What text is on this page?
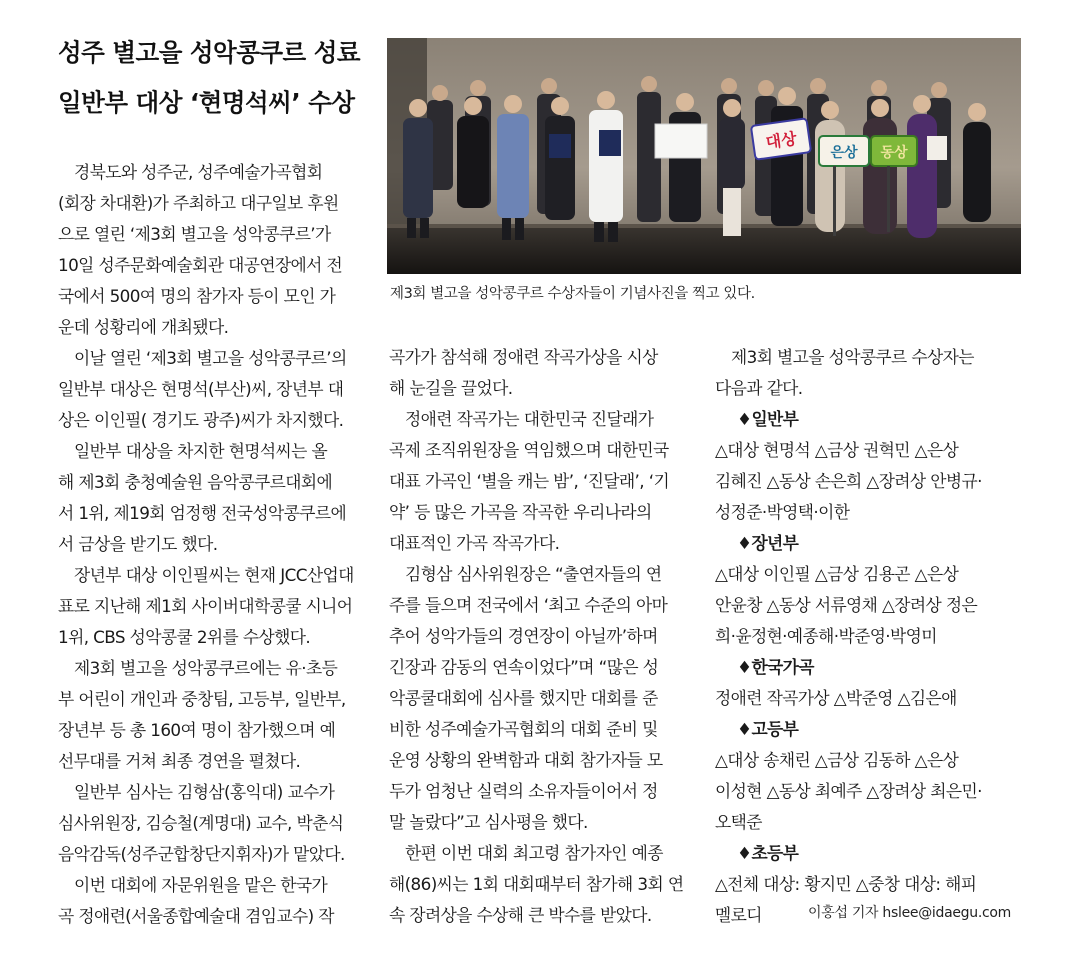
성주 별고을 성악콩쿠르 성료
일반부 대상 ‘현명석씨’ 수상
대상
은상 동상
제3회 별고을 성악콩쿠르 수상자들이 기념사진을 찍고 있다.
경북도와 성주군, 성주예술가곡협회
(회장 차대환)가 주최하고 대구일보 후원
으로 열린 ‘제3회 별고을 성악콩쿠르’가
10일 성주문화예술회관 대공연장에서 전
국에서 500여 명의 참가자 등이 모인 가
운데 성황리에 개최됐다.
이날 열린 ‘제3회 별고을 성악콩쿠르’의
일반부 대상은 현명석(부산)씨, 장년부 대
상은 이인필( 경기도 광주)씨가 차지했다.
일반부 대상을 차지한 현명석씨는 올
해 제3회 충청예술원 음악콩쿠르대회에
서 1위, 제19회 엄정행 전국성악콩쿠르에
서 금상을 받기도 했다.
장년부 대상 이인필씨는 현재 JCC산업대
표로 지난해 제1회 사이버대학콩쿨 시니어
1위, CBS 성악콩쿨 2위를 수상했다.
제3회 별고을 성악콩쿠르에는 유·초등
부 어린이 개인과 중창팀, 고등부, 일반부,
장년부 등 총 160여 명이 참가했으며 예
선무대를 거쳐 최종 경연을 펼쳤다.
일반부 심사는 김형삼(홍익대) 교수가
심사위원장, 김승철(계명대) 교수, 박춘식
음악감독(성주군합창단지휘자)가 맡았다.
이번 대회에 자문위원을 맡은 한국가
곡 정애련(서울종합예술대 겸임교수) 작
곡가가 참석해 정애련 작곡가상을 시상
해 눈길을 끌었다.
정애련 작곡가는 대한민국 진달래가
곡제 조직위원장을 역임했으며 대한민국
대표 가곡인 ‘별을 캐는 밤’, ‘진달래’, ‘기
약’ 등 많은 가곡을 작곡한 우리나라의
대표적인 가곡 작곡가다.
김형삼 심사위원장은 “출연자들의 연
주를 들으며 전국에서 ‘최고 수준의 아마
추어 성악가들의 경연장이 아닐까’하며
긴장과 감동의 연속이었다”며 “많은 성
악콩쿨대회에 심사를 했지만 대회를 준
비한 성주예술가곡협회의 대회 준비 및
운영 상황의 완벽함과 대회 참가자들 모
두가 엄청난 실력의 소유자들이어서 정
말 놀랐다”고 심사평을 했다.
한편 이번 대회 최고령 참가자인 예종
해(86)씨는 1회 대회때부터 참가해 3회 연
속 장려상을 수상해 큰 박수를 받았다.
제3회 별고을 성악콩쿠르 수상자는
다음과 같다.
♦일반부
△대상 현명석 △금상 권혁민 △은상
김혜진 △동상 손은희 △장려상 안병규·
성정준·박영택·이한
♦장년부
△대상 이인필 △금상 김용곤 △은상
안윤창 △동상 서류영채 △장려상 정은
희·윤정현·예종해·박준영·박영미
♦한국가곡
정애련 작곡가상 △박준영 △김은애
♦고등부
△대상 송채린 △금상 김동하 △은상
이성현 △동상 최예주 △장려상 최은민·
오택준
♦초등부
△전체 대상: 황지민 △중창 대상: 해피
멜로디	이홍섭 기자 hslee@idaegu.com
